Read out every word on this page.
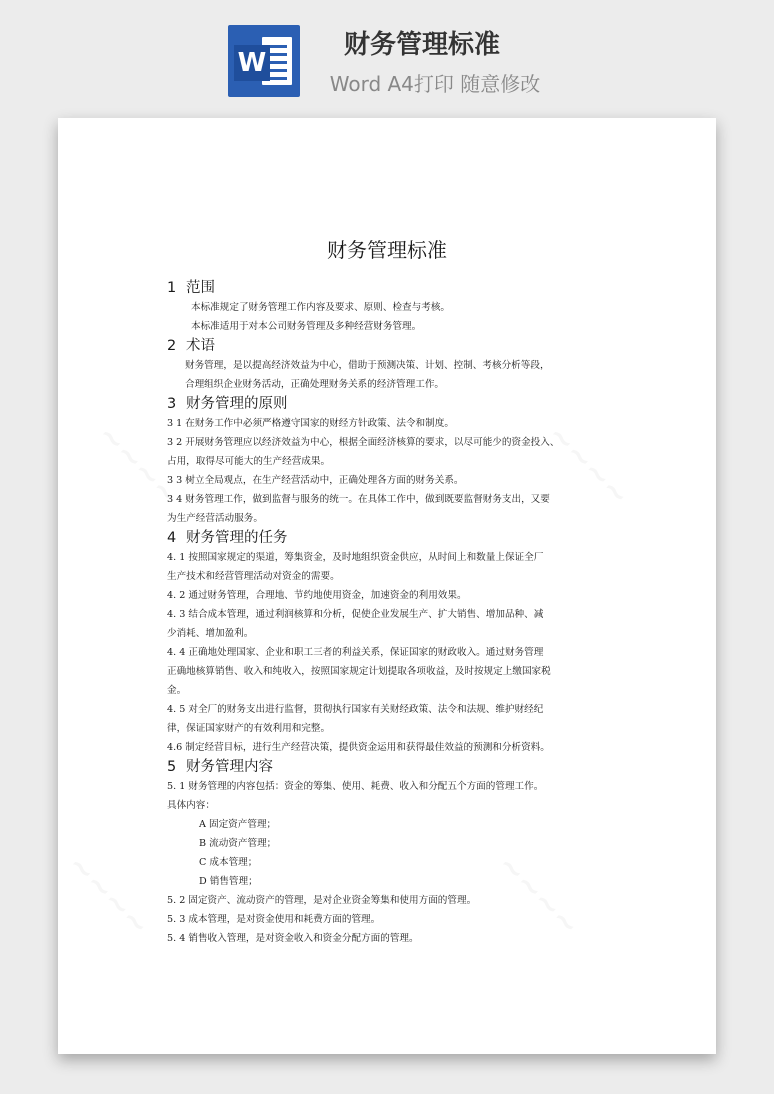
W
财务管理标准
Word A4打印 随意修改
财务管理标准
1 范围
本标准规定了财务管理工作内容及要求、原则、检查与考核。
本标准适用于对本公司财务管理及多种经营财务管理。
2 术语
财务管理，是以提高经济效益为中心，借助于预测决策、计划、控制、考核分析等段，
合理组织企业财务活动，正确处理财务关系的经济管理工作。
3 财务管理的原则
3 1 在财务工作中必须严格遵守国家的财经方针政策、法令和制度。
3 2 开展财务管理应以经济效益为中心，根据全面经济核算的要求，以尽可能少的资金投入、
占用，取得尽可能大的生产经营成果。
3 3 树立全局观点，在生产经营活动中，正确处理各方面的财务关系。
3 4 财务管理工作，做到监督与服务的统一。在具体工作中，做到既要监督财务支出，又要
为生产经营活动服务。
4 财务管理的任务
4. 1 按照国家规定的渠道，筹集资金，及时地组织资金供应，从时间上和数量上保证全厂
生产技术和经营管理活动对资金的需要。
4. 2 通过财务管理，合理地、节约地使用资金，加速资金的利用效果。
4. 3 结合成本管理，通过利润核算和分析，促使企业发展生产、扩大销售、增加品种、减
少消耗、增加盈利。
4. 4 正确地处理国家、企业和职工三者的利益关系，保证国家的财政收入。通过财务管理
正确地核算销售、收入和纯收入，按照国家规定计划提取各项收益，及时按规定上缴国家税
金。
4. 5 对全厂的财务支出进行监督，贯彻执行国家有关财经政策、法令和法规、维护财经纪
律，保证国家财产的有效利用和完整。
4.6 制定经营目标，进行生产经营决策，提供资金运用和获得最佳效益的预测和分析资料。
5 财务管理内容
5. 1 财务管理的内容包括：资金的筹集、使用、耗费、收入和分配五个方面的管理工作。
具体内容：
A 固定资产管理；
B 流动资产管理；
C 成本管理；
D 销售管理；
5. 2 固定资产、流动资产的管理，是对企业资金筹集和使用方面的管理。
5. 3 成本管理，是对资金使用和耗费方面的管理。
5. 4 销售收入管理，是对资金收入和资金分配方面的管理。
